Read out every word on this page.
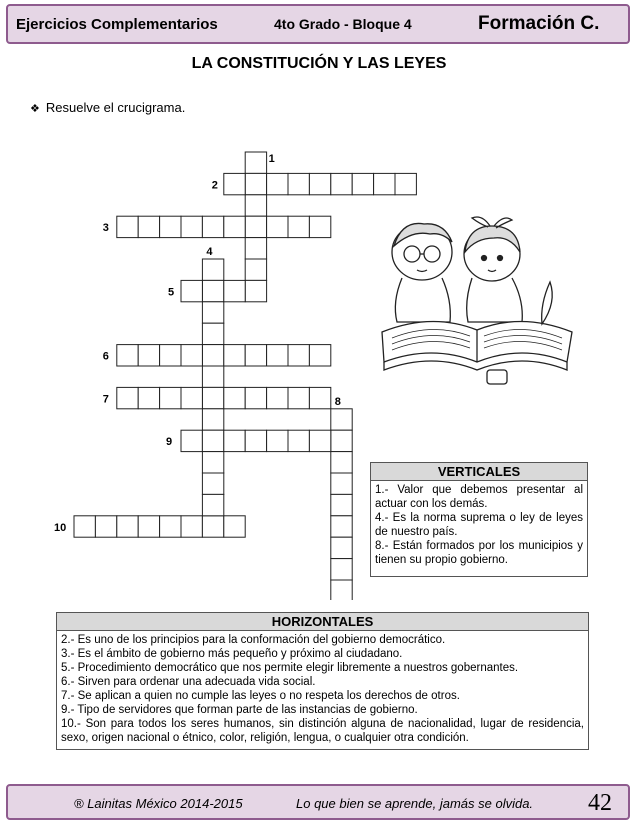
Ejercicios Complementarios	4to Grado - Bloque 4	Formación C.
LA CONSTITUCIÓN Y LAS LEYES
❖ Resuelve el crucigrama.
1
2
3
4
5
6
7	8
9
10
VERTICALES
1.- Valor que debemos presentar al actuar con los demás.
4.- Es la norma suprema o ley de leyes de nuestro país.
8.- Están formados por los municipios y tienen su propio gobierno.
HORIZONTALES
2.- Es uno de los principios para la conformación del gobierno democrático.
3.- Es el ámbito de gobierno más pequeño y próximo al ciudadano.
5.- Procedimiento democrático que nos permite elegir libremente a nuestros gobernantes.
6.- Sirven para ordenar una adecuada vida social.
7.- Se aplican a quien no cumple las leyes o no respeta los derechos de otros.
9.- Tipo de servidores que forman parte de las instancias de gobierno.
10.- Son para todos los seres humanos, sin distinción alguna de nacionalidad, lugar de residencia, sexo, origen nacional o étnico, color, religión, lengua, o cualquier otra condición.
® Lainitas México 2014-2015	Lo que bien se aprende, jamás se olvida. 42
